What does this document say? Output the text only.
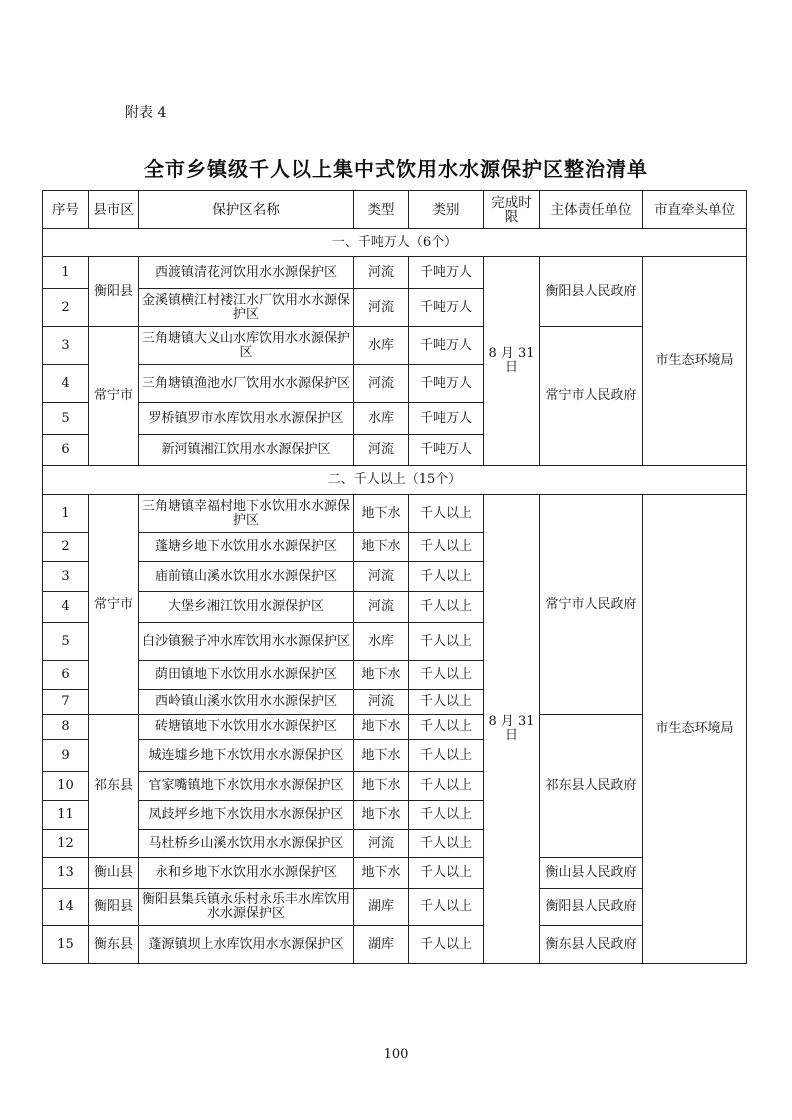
附表 4
全市乡镇级千人以上集中式饮用水水源保护区整治清单
序号	县市区	保护区名称	类型	类别	完成时限	主体责任单位	市直牵头单位
一、千吨万人（6个）							
1	衡阳县	西渡镇清花河饮用水水源保护区	河流	千吨万人	8 月 31 日	衡阳县人民政府	市生态环境局
2		金溪镇横江村褛江水厂饮用水水源保护区	河流	千吨万人			
3	常宁市	三角塘镇大义山水库饮用水水源保护区	水库	千吨万人		常宁市人民政府	
4		三角塘镇渔池水厂饮用水水源保护区	河流	千吨万人			
5		罗桥镇罗市水库饮用水水源保护区	水库	千吨万人			
6		新河镇湘江饮用水水源保护区	河流	千吨万人			
二、千人以上（15个）							
1	常宁市	三角塘镇幸福村地下水饮用水水源保护区	地下水	千人以上	8 月 31 日	常宁市人民政府	市生态环境局
2		蓬塘乡地下水饮用水水源保护区	地下水	千人以上			
3		庙前镇山溪水饮用水水源保护区	河流	千人以上			
4		大堡乡湘江饮用水源保护区	河流	千人以上			
5		白沙镇猴子冲水库饮用水水源保护区	水库	千人以上			
6		荫田镇地下水饮用水水源保护区	地下水	千人以上			
7		西岭镇山溪水饮用水水源保护区	河流	千人以上			
8	祁东县	砖塘镇地下水饮用水水源保护区	地下水	千人以上		祁东县人民政府	
9		城连墟乡地下水饮用水水源保护区	地下水	千人以上			
10		官家嘴镇地下水饮用水水源保护区	地下水	千人以上			
11		凤歧坪乡地下水饮用水水源保护区	地下水	千人以上			
12		马杜桥乡山溪水饮用水水源保护区	河流	千人以上			
13	衡山县	永和乡地下水饮用水水源保护区	地下水	千人以上		衡山县人民政府	
14	衡阳县	衡阳县集兵镇永乐村永乐丰水库饮用水水源保护区	湖库	千人以上		衡阳县人民政府	
15	衡东县	蓬源镇坝上水库饮用水水源保护区	湖库	千人以上		衡东县人民政府	
100
